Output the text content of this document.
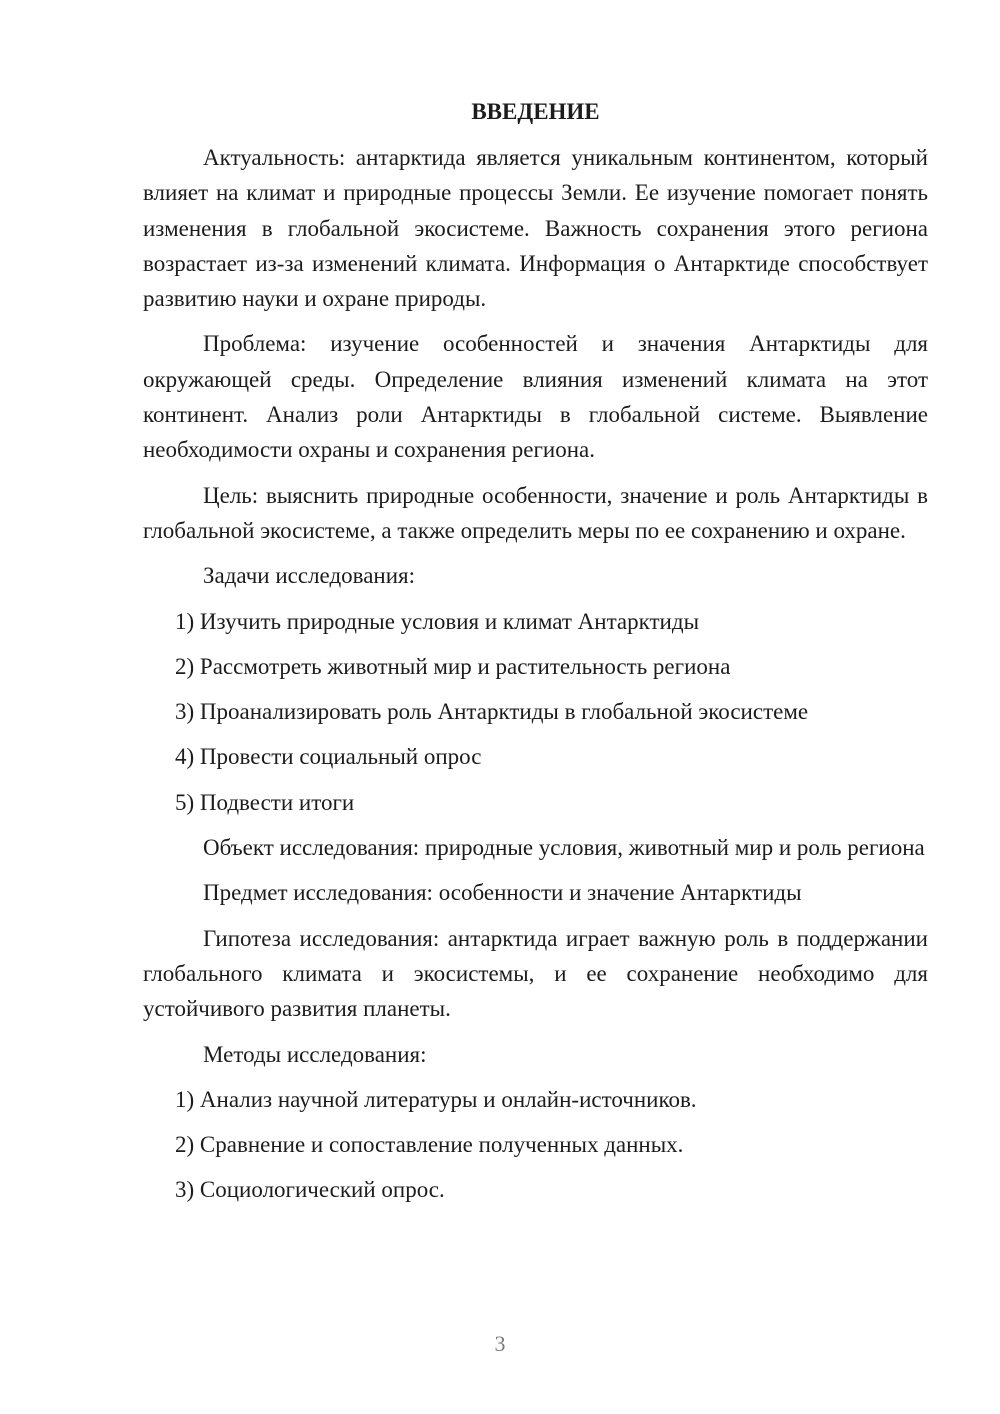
ВВЕДЕНИЕ

Актуальность: антарктида является уникальным континентом, который влияет на климат и природные процессы Земли. Ее изучение помогает понять изменения в глобальной экосистеме. Важность сохранения этого региона возрастает из-за изменений климата. Информация о Антарктиде способствует развитию науки и охране природы.

Проблема: изучение особенностей и значения Антарктиды для окружающей среды. Определение влияния изменений климата на этот континент. Анализ роли Антарктиды в глобальной системе. Выявление необходимости охраны и сохранения региона.

Цель: выяснить природные особенности, значение и роль Антарктиды в глобальной экосистеме, а также определить меры по ее сохранению и охране.

Задачи исследования:
1) Изучить природные условия и климат Антарктиды
2) Рассмотреть животный мир и растительность региона
3) Проанализировать роль Антарктиды в глобальной экосистеме
4) Провести социальный опрос
5) Подвести итоги

Объект исследования: природные условия, животный мир и роль региона

Предмет исследования: особенности и значение Антарктиды

Гипотеза исследования: антарктида играет важную роль в поддержании глобального климата и экосистемы, и ее сохранение необходимо для устойчивого развития планеты.

Методы исследования:
1) Анализ научной литературы и онлайн-источников.
2) Сравнение и сопоставление полученных данных.
3) Социологический опрос.
3
